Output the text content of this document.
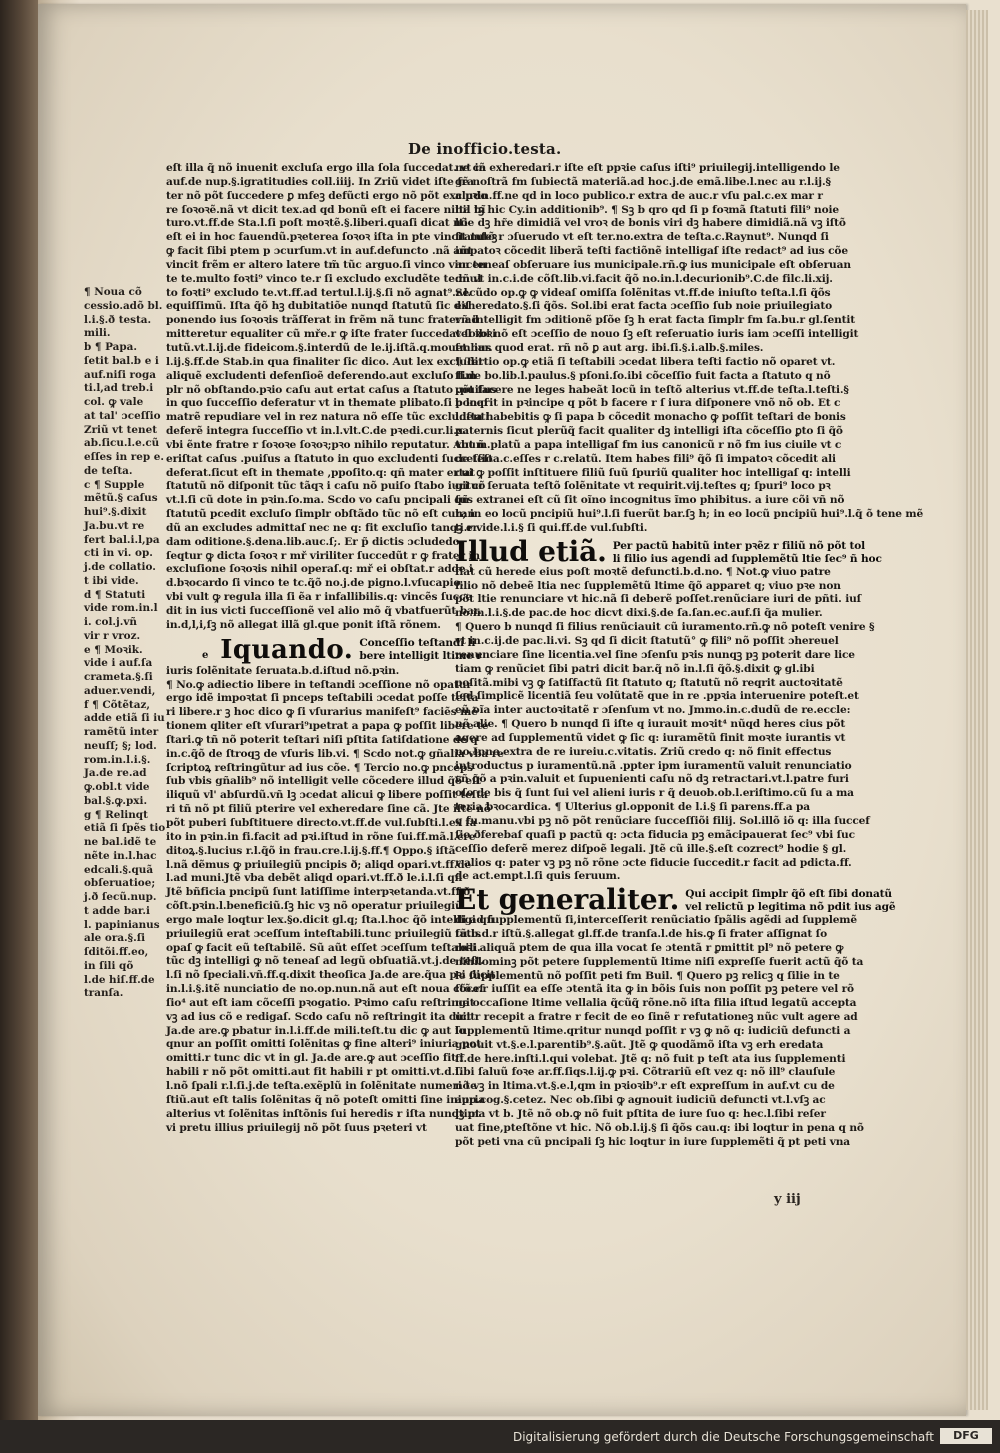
De inofficio.testa.
¶ Noua cõ
cessio.adõ bl.
l.i.§.ð testa.
mili.
b ¶ Papa.
ſetit bal.b e i
auf.niſi roga
ti.l,ad treb.i
col. ꝙ vale
at tal' ɔceſſio
Zriũ vt tenet
ab.ſicu.l.e.cũ
eſſes in rep e.
de teſta.
c ¶ Supple
mẽtũ.§ caſus
hui⁹.§.dixit
Ja.bu.vt re
fert bal.i.l,pa
cti in vi. op.
j.de collatio.
t ibi vide.
d ¶ Statuti
vide rom.in.l
i. col.j.vñ
vir r vroz.
e ¶ Moꝛik.
vide i auf.ſa
crameta.§.ſi
aduer.vendi,
f ¶ Cõtẽtaz,
adde etiã ſi iu
ramẽtũ inter
neuſſ; §; lod.
rom.in.l.i.§.
Ja.de re.ad
ꝙ.obl.t vide
bal.§.ꝙ.pxi.
g ¶ Relinqt
etiã ſi ſpẽs tio
ne bal.idẽ te
nẽte in.l.hac
edcali.§.quã
obſeruatioe;
j.ð ſecũ.nup.
t adde bar.i
l. papinianus
ale ora.§.ſi
ſditõi.ff.eo,
in ſili qõ
l.de hiſ.ff.de
tranſa.
eſt illa q̃ nõ inuenit excluſa ergo illa ſola ſuccedat. vt in
auf.de nup.§.igratitudies coll.iiij. In Zriũ videt iſte fra
ter nõ põt ſuccedere ꝑ mfeꝫ defũcti ergo nõ põt excludo
re ſoꝛoꝛẽ.nã vt dicit tex.ad qd bonũ eſt ei facere nihil hĩ
turo.vt.ff.de Sta.l.ſi poſt moꝛtẽ.§.liberi.quaſi dicat nõ
eſt ei in hoc fauendũ.pꝛeterea ſoꝛoꝛ iſta in pte vincit mfeꝫ
ꝙ facit ſibi ptem p ɔcurſum.vt in auf.defuncto .nã aũt
vincit frẽm er altero latere tm̃ tũc arguo.ſi vinco vincen
te te.multo foꝛti⁹ vinco te.r ſi excludo excludẽte te:mul
to foꝛti⁹ excludo te.vt.ff.ad tertul.l.ij.§.ſi nõ agnat⁹.r.l.
equiſſimũ. Iſta q̃õ hꝫ dubitatiõe nunqd ſtatutũ ſic diſ
ponendo ius ſoꝛoꝛis trãſferat in frẽm nã tunc frater ad
mitteretur equaliter cũ mře.r ꝙ iſte frater ſuccedat ſoꝛoꝛi
tutũ.vt.l.ij.de fideicom.§.interdũ de le.ij.iſtã.q.mouet bar.
l.ij.§.ff.de Stab.in qua finaliter ſic dico. Aut lex excludit
aliquẽ excludenti defenſioẽ deferendo.aut excluſo ſim
plr nõ obſtando.pꝛio caſu aut ertat caſus a ſtatuto .puiſus
in quo ſucceſſio deferatur vt in themate plibato.ſi ponaſ
matrẽ repudiare vel in rez natura nõ eſſe tũc excludenti
deferẽ integra ſucceſſio vt in.l.vlt.C.de pꝛedi.cur.li.x.
vbi ẽnte fratre r ſoꝛoꝛe ſoꝛoꝛ;pꝛo nihilo reputatur. Aut ñ
eriſtat caſus .puiſus a ſtatuto in quo excludenti ſucceſſio
deferat.ſicut eſt in themate ,ppoſito.q: qñ mater ertat
ſtatutũ nõ diſponit tũc tãqꝛ i caſu nõ puiſo ſtabo iuri cõ
vt.l.ſi cũ dote in pꝛin.ſo.ma. Scdo vo caſu pncipali qñ
ſtatutũ pcedit excluſo ſimplr obſtãdo tũc nõ eſt curan
dũ an excludes admittaſ nec ne q: fit excluſio tanqꝫ er
dam oditione.§.dena.lib.auc.ſ;. Er p̃ dictis ɔcludedo
ſeqtur ꝙ dicta ſoꝛoꝛ r mř viriliter ſuccedũt r ꝙ frater in
excluſione ſoꝛoꝛis nihil operaſ.q: mř ei obſtat.r adde i
d.bꝛocardo ſi vinco te tc.q̃õ no.j.de pigno.l.vſucapio.
vbi vult ꝙ regula illa ſi ẽa r infallibilis.q: vincẽs ſucce
dit in ius victi ſucceſſionẽ vel alio mõ q̃ vbatfuerũt bar.
in.d,l,i,ſꝫ nõ allegat illã gl.que ponit iſtã rõnem.
e Iquando. Conceſſio teſtandi li
bere intelligit ltime r
iuris ſolẽnitate ſeruata.b.d.iſtud nõ.pꝛin.
¶ No.ꝙ adiectio libere in teſtandi ɔceſſione nõ opatur
ergo idẽ impoꝛtat ſi pnceps teſtabili ɔcedat poſſe teſta
ri libere.r ꝫ hoc dico ꝙ ſi vſurarius manifeſt⁹ faciẽs mẽ
tionem qliter eſt vſurari⁹ıpetrat a papa ꝙ poſſit libere te
ſtari.ꝙ tñ nõ poterit teſtari niſi pſtita ſatiſdatione de q
in.c.q̃õ de ſtroqꝫ de vſuris lib.vi. ¶ Scdo not.ꝙ gñalia vba re
ſcriptoꝝ reſtringũtur ad ius cõe. ¶ Tercio no.ꝙ pnceps
ſub vbis gñalib⁹ nõ intelligit velle cõcedere illud q̃õ eſt
iliquũ vl' abſurdũ.vñ lꝫ ɔcedat alicui ꝙ libere poſſit teſta
ri tñ nõ pt filiũ pterire vel exheredare ſine cã. Jte iſte nõ
põt puberi ſubſtituere directo.vt.ff.de vul.ſubſti.l.ex fa
ito in pꝛin.in fi.facit ad pꝛi.iſtud in rõne ſui.ff.mã.l.cre
ditoꝝ.§.lucius r.l.q̃õ in frau.cre.l.ij.§.ff.¶ Oppo.§ iſtã
l.nã dẽmus ꝙ priuilegiũ pncipis ð; aliqd opari.vt.ff.de
l.ad muni.Jtẽ vba debẽt aliqd opari.vt.ff.ð le.i.l.ſi qñ
Jtẽ bñficia pncipũ ſunt latiſſime interpꝛetanda.vt.ff.ð
cõſt.pꝛin.l.beneficiũ.ſꝫ hic vꝫ nõ operatur priuilegiũ
ergo male loqtur lex.§o.dicit gl.q; ſta.l.hoc q̃õ intelligi qñ
priuilegiũ erat ɔceſſum inteſtabili.tunc priuilegiũ ſatis
opaſ ꝙ facit eũ teſtabilẽ. Sũ aũt eſſet ɔceſſum teſtabili.
tũc dꝫ intelligi ꝙ nõ teneaſ ad legũ obſuatiã.vt.j.de teſt.
l.ſi nõ ſpeciali.vñ.ff.q.dixit theoſica Ja.de are.q̃ua pꝛi dicit
in.l.i.§.itẽ nunciatio de no.op.nun.nã aut eſt noua cõceſ
ſio⁴ aut eſt iam cõceſſi pꝛogatio. Pꝛimo caſu reſtringit
vꝫ ad ius cõ e redigaſ. Scdo caſu nõ reſtringit ita dicit
Ja.de are.ꝙ pbatur in.l.i.ff.de mili.teſt.tu dic ꝙ aut lo
qnur an poſſit omitti ſolẽnitas ꝙ fine alteri⁹ iniuria pot
omitti.r tunc dic vt in gl. Ja.de are.ꝙ aut ɔceſſio fit i
habili r nõ põt omitti.aut fit habili r pt omitti.vt.d.l.
l.nõ ſpali r.l.ſi.j.de teſta.exẽplũ in ſolẽnitate numeri te
ſtiũ.aut eſt talis ſolẽnitas q̃ nõ poteſt omitti ſine iniuria
alterius vt ſolẽnitas inſtõnis ſui heredis r iſta nunqꝫ pt
vi pretu illius priuilegij nõ põt ſuus pꝛeteri vt
ne cã exheredari.r iſte eſt ppꝛie caſus iſti⁹ priuilegij.intelligendo le
gẽ noſtrã fm ſubiectã materiã.ad hoc.j.de emã.libe.l.nec au r.l.ij.§
a pꝛin.ff.ne qd in loco publico.r extra de auc.r vſu pal.c.ex mar r
ita tꝫ hic Cy.in additionib⁹. ¶ Sꝫ b qro qd ſi p foꝛmã ſtatuti fili⁹ noie
ltie dꝫ hr̃e dimidiã vel vroꝛ de bonis viri dꝫ habere dimidiã.nã vꝫ iſtõ
ſtatutõ r ɔſuerudo vt eſt ter.no.extra de teſta.c.Raynut⁹. Nunqd ſi
impatoꝛ cõcedit liberã teſti factiõnẽ intelligaſ iſte redact⁹ ad ius cõe
an teneaſ obſeruare ius municipale.rñ.ꝙ ius municipale eſt obſeruan
dñ vt in.c.i.de cõſt.lib.vi.facit q̃õ no.in.l.decurionib⁹.C.de filc.li.xij.
Secũdo op.ꝙ ꝙ videaſ omiſſa ſolẽnitas vt.ff.de iniuſto teſta.l.ſi q̃õs
exheredato.§.ſi q̃õs. Sol.ibi erat facta ɔceſſio ſub noie priuilegiato
vñ intelligit fm ɔditionẽ pſõe ſꝫ h erat facta ſimplr fm ſa.bu.r gl.ſentit
vel ibi nõ eſt ɔceſſio de nouo ſꝫ eſt reſeruatio iuris iam ɔceſſi intelligit
fm ius quod erat. rñ nõ ꝑ aut arg. ibi.ſi.§.i.alb.§.miles.
¶ Tertio op.ꝙ etiã ſi teſtabili ɔcedat libera teſti factio nõ oparet vt.
ff.de bo.lib.l.paulus.§ pſoni.ſo.ibi cõceſſio fuit facta a ſtatuto q nõ
põt facere ne leges habeãt locũ in teſtõ alterius vt.ff.de teſta.l.teſti.§
b loqrit in pꝛincipe q põt b facere r ſ iura diſponere vnõ nõ ob. Et c
l.iſta habebitis ꝙ ſi papa b cõcedit monacho ꝙ poſſit teſtari de bonis
paternis ſicut plerũq̃ facit qualiter dꝫ intelligi iſta cõceſſio ꝑto ſi q̃õ
vbum.platũ a papa intelligaſ fm ius canonicũ r nõ fm ius ciuile vt c
de teſta.c.eſſes r c.relatũ. Item habes fili⁹ q̃õ ſi impatoꝛ cõcedit ali
cui ꝙ poſſit inſtituere filiũ ſuũ ſpuriũ qualiter hoc intelligaſ q: intelli
gitur ſeruata teſtõ ſolẽnitate vt requirit.vij.teſtes q; ſpuri⁹ loco pꝛ
ſus extranei eſt cũ ſit oĩno incognitus ĩmo phibitus. a iure cõi vñ nõ
h; in eo locũ pncipiũ hui⁹.l.ſi fuerũt bar.ſꝫ h; in eo locũ pncipiũ hui⁹.l.q̃ õ tene mẽ
ti.r vide.l.i.§ ſi qui.ff.de vul.ſubſti.
Illud etiã. Per pactũ habitũ inter pꝛẽz r filiũ nõ põt tol
li filio ius agendi ad ſupplemẽtũ ltie ſec⁹ ñ hoc
fiat cũ herede eius poſt moꝛtẽ defuncti.b.d.no. ¶ Not.ꝙ viuo patre
filio nõ debeẽ ltia nec ſupplemẽtũ ltime q̃õ apparet q; viuo pꝛe non
põt ltie renunciare vt hic.nã ſi deberẽ poſſet.renũciare iuri de pñti. iuſ
no.in.l.i.§.de pac.de hoc dicvt dixi.§.de ſa.ſan.ec.auf.ſi q̃a mulier.
¶ Quero b nunqd ſi filius renũciauit cũ iuramento.rñ.ꝙ nõ poteſt venire §
vt in.c.ij.de pac.li.vi. Sꝫ qd ſi dicit ſtatutũ° ꝙ fili⁹ nõ poſſit ɔhereuel
renunciare ſine licentia.vel ſine ɔſenſu pꝛis nunqꝫ pꝫ poterit dare lice
tiam ꝙ renũciet ſibi patri dicit bar.q̃ nõ in.l.ſi q̃õ.§.dixit ꝙ gl.ibi
poſitã.mibi vꝫ ꝙ ſatiſfactũ ſit ſtatuto q; ſtatutũ nõ reqrit auctoꝛitatẽ
ſed ſimplicẽ licentiã ſeu volũtatẽ que in re .ppꝛia interuenire poteſt.et
eũ oĩa inter auctoꝛitatẽ r ɔſenſum vt no. Jmmo.in.c.dudũ de re.eccle:
nõ alie. ¶ Quero b nunqd ſi iſte q iurauit moꝛit⁴ nũqd heres cius põt
agere ad ſupplementũ videt ꝙ ſic q: iuramẽtũ finit moꝛte iurantis vt
no.Inno.extra de re iureiu.c.vitatis. Zriũ credo q: nõ finit effectus
introductus p iuramentũ.nã .ppter ipm iuramentũ valuit renunciatio
vñ q̃õ a pꝛin.valuit et ſupuenienti caſu nõ dꝫ retractari.vt.l.patre furi
oſo de bis q̃ ſunt ſui vel alieni iuris r q̃ deuob.ob.l.eriſtimo.cũ ſu a ma
teria bꝛocardica. ¶ Ulterius gl.opponit de l.i.§ ſi parens.ff.a pa
q fu.manu.vbi pꝫ nõ põt renũciare ſucceſſiõi filij. Sol.illõ iõ q: illa ſuccef
ſio ðferebaſ quaſi p pactũ q: ɔcta fiducia pꝫ emãcipauerat ſec⁹ vbi ſuc
ceſſio deferẽ merez diſpoẽ legali. Jtẽ cũ ille.§.eſt cozrect⁹ hodie § gl.
r alios q: pater vꝫ pꝫ nõ rõne ɔcte fiducie ſuccedit.r facit ad pdicta.ff.
de act.empt.l.ſi quis ſeruum.
Et generaliter. Qui accipit ſimplr q̃õ eſt ſibi donatũ
vel relictũ p legitima nõ pdit ius agẽ
di ad ſupplementũ ſi,interceſſerit renũciatio ſpãlis agẽdi ad ſupplemẽ
tũ.b.d.r iſtũ.§.allegat gl.ff.de tranſa.l.de his.ꝙ ſi frater aſſignat ſo
roꝛi aliquã ptem de qua illa vocat ſe ɔtentã r ꝑmittit pl⁹ nõ petere ꝙ
nihilominꝫ põt petere ſupplementũ ltime niſi expreſſe fuerit actũ q̃õ ta
le ſupplementũ nõ poſſit peti fm Buil. ¶ Quero pꝫ relicꝫ q ſilie in te
ſtõ.r.r iuſſit ea eſſe ɔtentã ita ꝙ in bõis ſuis non poſſit pꝫ petere vel rõ
ne occaſione ltime vellalia q̃cũq̃ rõne.nõ iſta filia iſtud legatũ accepta
uit r recepit a fratre r fecit de eo ſinẽ r refutationeꝫ nũc vult agere ad
ſupplementũ ltime.qritur nunqd poſſit r vꝫ ꝙ nõ q: iudiciũ defuncti a
gnouit vt.§.e.l.parentib⁹.§.aũt. Jtẽ ꝙ quodãmõ iſta vꝫ erh eredata
ff.de here.inſti.l.qui volebat. Jtẽ q: nõ fuit p teſt ata ius ſupplementi
ſibi ſaluũ foꝛe ar.ff.ſiqs.l.ij.ꝙ pꝛi. Cõtrariũ eſt vez q: nõ ill⁹ clauſule
nõ vꝫ in ltima.vt.§.e.l,qm in pꝛioꝛib⁹.r eſt expreſſum in auf.vt cu de
app.cog.§.cetez. Nec ob.ſibi ꝙ agnouit iudiciũ defuncti vt.l.vſꝫ ac
ltima vt b. Jtẽ nõ ob.ꝙ nõ fuit pſtita de iure ſuo q: hec.l.ſibi reſer
uat fine,pteſtõne vt hic. Nõ ob.l.ij.§ ſi q̃õs cau.q: ibi loqtur in pena q nõ
põt peti vna cũ pncipali ſꝫ hic loqtur in iure ſupplemẽti q̃ pt peti vna
y iij
Digitalisierung gefördert durch die Deutsche Forschungsgemeinschaft	DFG
